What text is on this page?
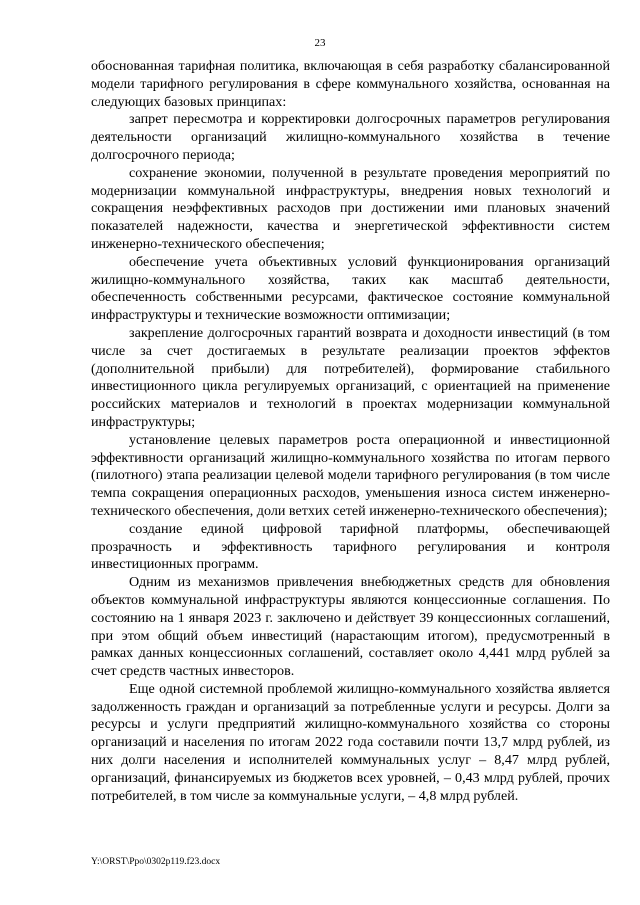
23

обоснованная тарифная политика, включающая в себя разработку сбалансированной модели тарифного регулирования в сфере коммунального хозяйства, основанная на следующих базовых принципах:

запрет пересмотра и корректировки долгосрочных параметров регулирования деятельности организаций жилищно-коммунального хозяйства в течение долгосрочного периода;

сохранение экономии, полученной в результате проведения мероприятий по модернизации коммунальной инфраструктуры, внедрения новых технологий и сокращения неэффективных расходов при достижении ими плановых значений показателей надежности, качества и энергетической эффективности систем инженерно-технического обеспечения;

обеспечение учета объективных условий функционирования организаций жилищно-коммунального хозяйства, таких как масштаб деятельности, обеспеченность собственными ресурсами, фактическое состояние коммунальной инфраструктуры и технические возможности оптимизации;

закрепление долгосрочных гарантий возврата и доходности инвестиций (в том числе за счет достигаемых в результате реализации проектов эффектов (дополнительной прибыли) для потребителей), формирование стабильного инвестиционного цикла регулируемых организаций, с ориентацией на применение российских материалов и технологий в проектах модернизации коммунальной инфраструктуры;

установление целевых параметров роста операционной и инвестиционной эффективности организаций жилищно-коммунального хозяйства по итогам первого (пилотного) этапа реализации целевой модели тарифного регулирования (в том числе темпа сокращения операционных расходов, уменьшения износа систем инженерно-технического обеспечения, доли ветхих сетей инженерно-технического обеспечения);

создание единой цифровой тарифной платформы, обеспечивающей прозрачность и эффективность тарифного регулирования и контроля инвестиционных программ.

Одним из механизмов привлечения внебюджетных средств для обновления объектов коммунальной инфраструктуры являются концессионные соглашения. По состоянию на 1 января 2023 г. заключено и действует 39 концессионных соглашений, при этом общий объем инвестиций (нарастающим итогом), предусмотренный в рамках данных концессионных соглашений, составляет около 4,441 млрд рублей за счет средств частных инвесторов.

Еще одной системной проблемой жилищно-коммунального хозяйства является задолженность граждан и организаций за потребленные услуги и ресурсы. Долги за ресурсы и услуги предприятий жилищно-коммунального хозяйства со стороны организаций и населения по итогам 2022 года составили почти 13,7 млрд рублей, из них долги населения и исполнителей коммунальных услуг – 8,47 млрд рублей, организаций, финансируемых из бюджетов всех уровней, – 0,43 млрд рублей, прочих потребителей, в том числе за коммунальные услуги, – 4,8 млрд рублей.

Y:\ORST\Ppo\0302p119.f23.docx
